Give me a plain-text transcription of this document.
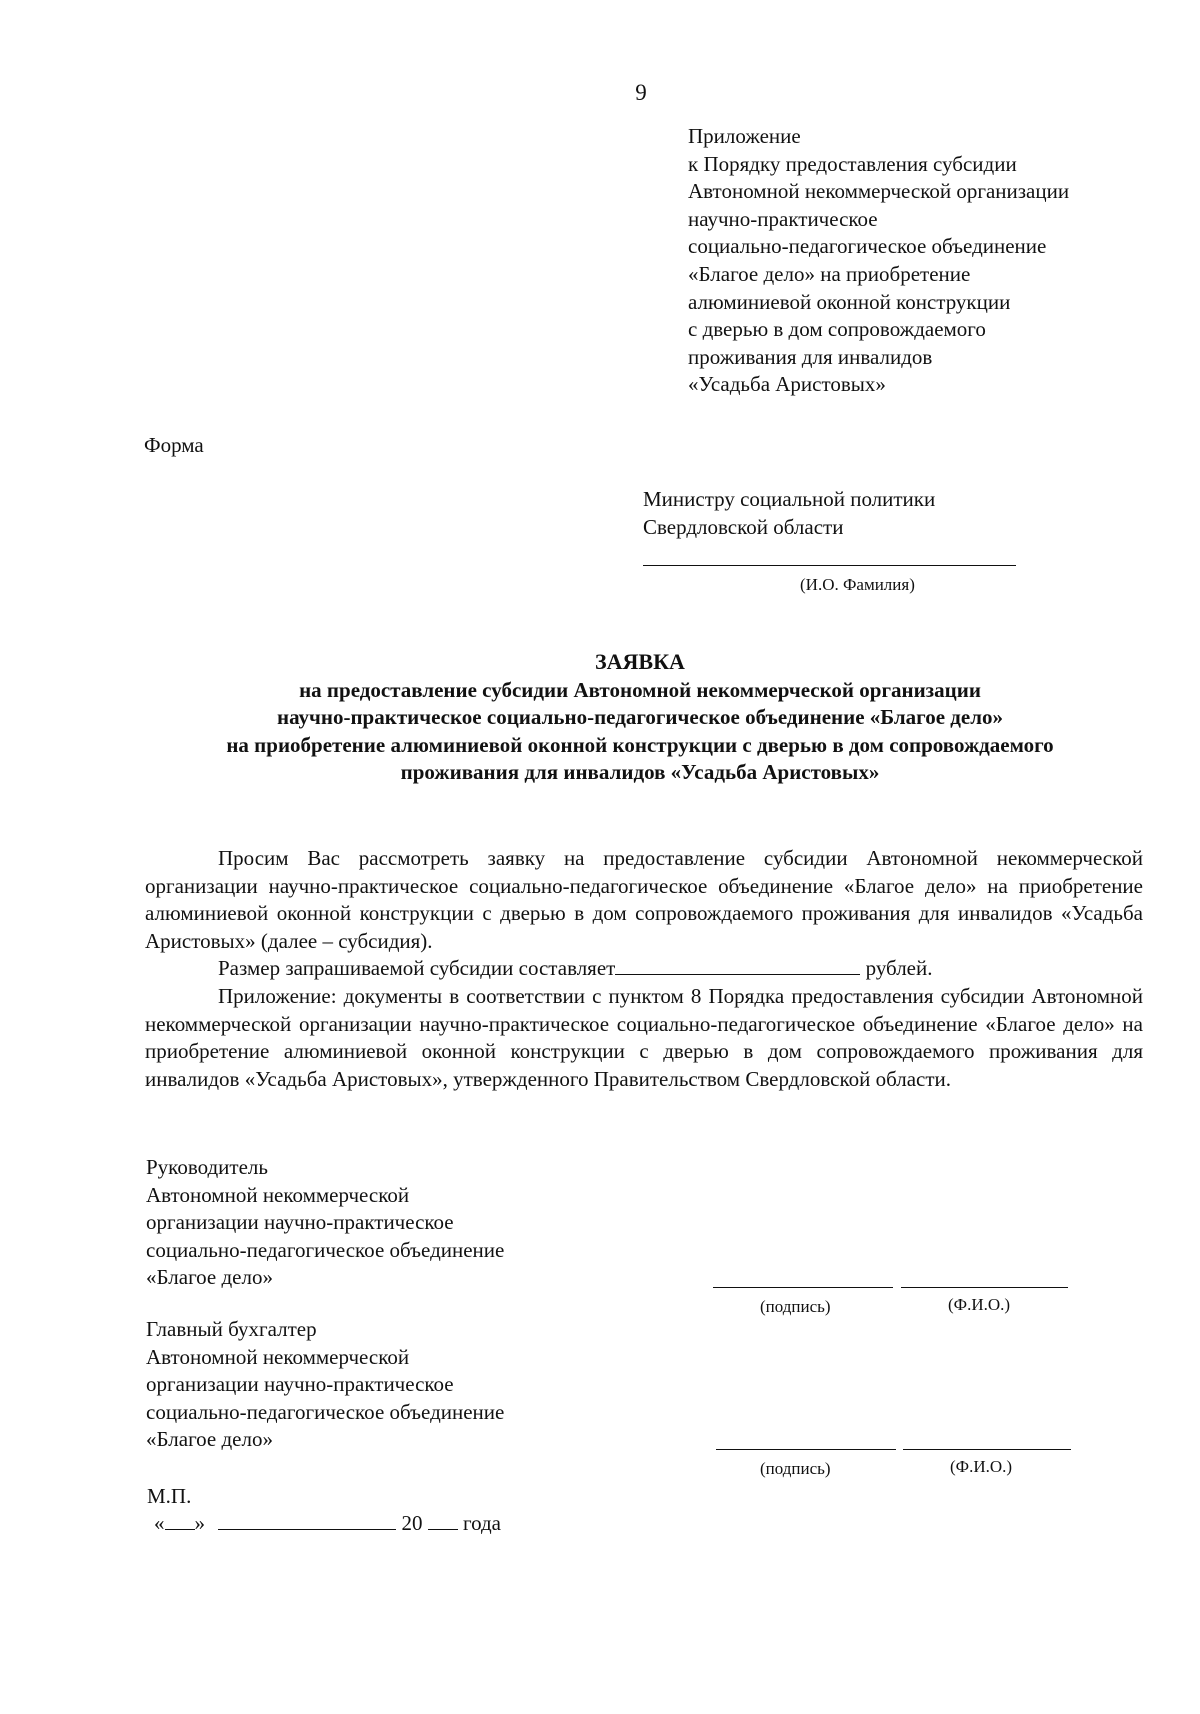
9
Приложение
к Порядку предоставления субсидии
Автономной некоммерческой организации
научно-практическое
социально-педагогическое объединение
«Благое дело» на приобретение
алюминиевой оконной конструкции
с дверью в дом сопровождаемого
проживания для инвалидов
«Усадьба Аристовых»
Форма
Министру социальной политики
Свердловской области
(И.О. Фамилия)
ЗАЯВКА
на предоставление субсидии Автономной некоммерческой организации
научно-практическое социально-педагогическое объединение «Благое дело»
на приобретение алюминиевой оконной конструкции с дверью в дом сопровождаемого
проживания для инвалидов «Усадьба Аристовых»

Просим Вас рассмотреть заявку на предоставление субсидии Автономной некоммерческой организации научно-практическое социально-педагогическое объединение «Благое дело» на приобретение алюминиевой оконной конструкции с дверью в дом сопровождаемого проживания для инвалидов «Усадьба Аристовых» (далее – субсидия).

Размер запрашиваемой субсидии составляет	рублей.

Приложение: документы в соответствии с пунктом 8 Порядка предоставления субсидии Автономной некоммерческой организации научно-практическое социально-педагогическое объединение «Благое дело» на приобретение алюминиевой оконной конструкции с дверью в дом сопровождаемого проживания для инвалидов «Усадьба Аристовых», утвержденного Правительством Свердловской области.

Руководитель
Автономной некоммерческой
организации научно-практическое
социально-педагогическое объединение
«Благое дело»
(подпись)	(Ф.И.О.)
Главный бухгалтер
Автономной некоммерческой
организации научно-практическое
социально-педагогическое объединение
«Благое дело»
(подпись)	(Ф.И.О.)
М.П.
« »	20 года
